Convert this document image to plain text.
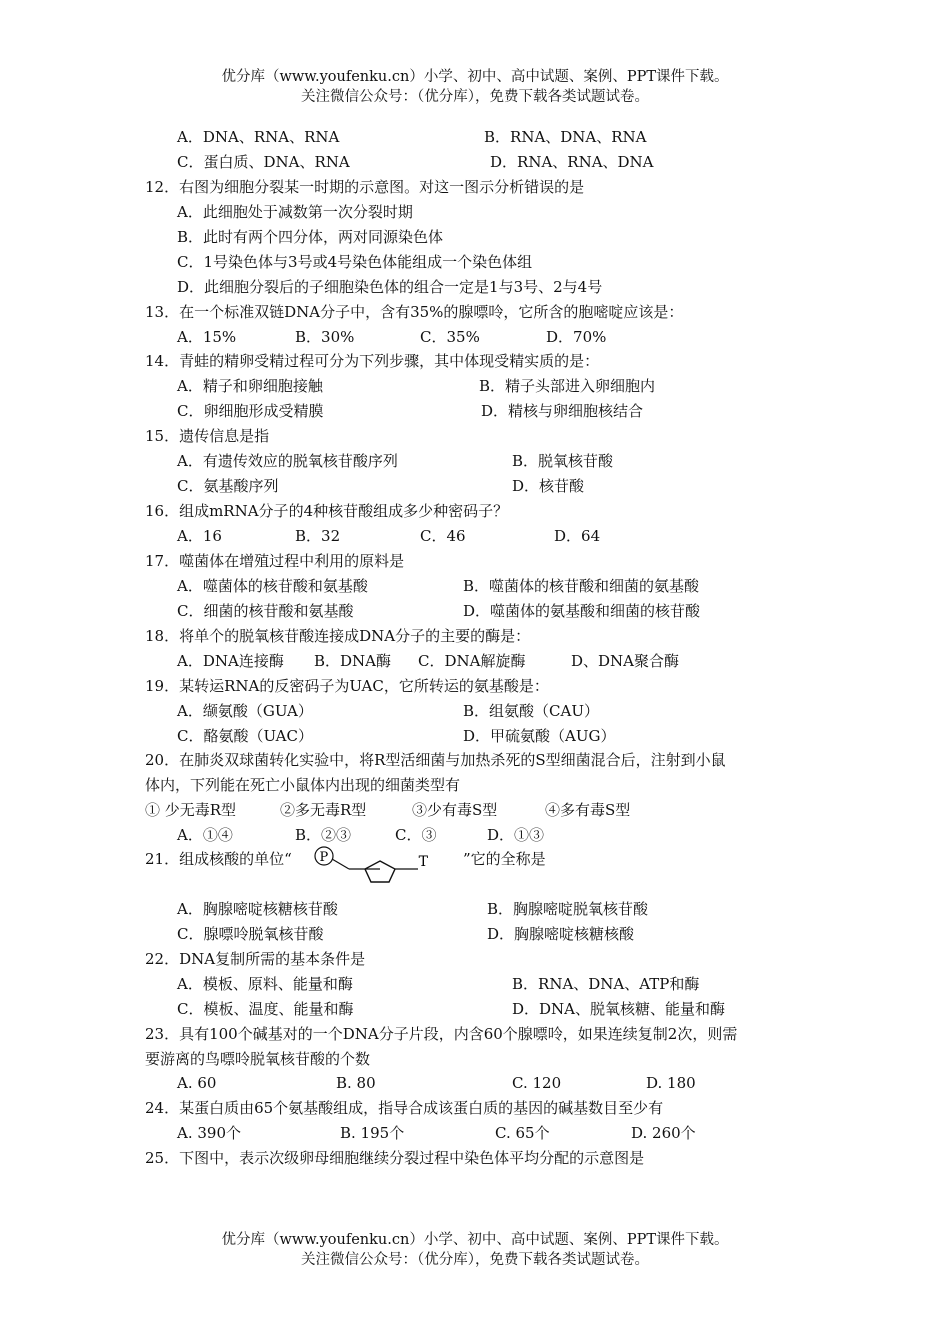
优分库（www.youfenku.cn）小学、初中、高中试题、案例、PPT课件下载。
关注微信公众号：（优分库），免费下载各类试题试卷。
A．DNA、RNA、RNA	B．RNA、DNA、RNA
C．蛋白质、DNA、RNA	D．RNA、RNA、DNA
12．右图为细胞分裂某一时期的示意图。对这一图示分析错误的是
A．此细胞处于减数第一次分裂时期
B．此时有两个四分体，两对同源染色体
C．1号染色体与3号或4号染色体能组成一个染色体组
D．此细胞分裂后的子细胞染色体的组合一定是1与3号、2与4号
13．在一个标准双链DNA分子中，含有35%的腺嘌呤，它所含的胞嘧啶应该是：
A．15%	B．30%	C．35%	D．70%
14．青蛙的精卵受精过程可分为下列步骤，其中体现受精实质的是：
A．精子和卵细胞接触	B．精子头部进入卵细胞内
C．卵细胞形成受精膜	D．精核与卵细胞核结合
15．遗传信息是指
A．有遗传效应的脱氧核苷酸序列	B．脱氧核苷酸
C．氨基酸序列	D．核苷酸
16．组成mRNA分子的4种核苷酸组成多少种密码子？
A．16	B．32	C．46	D．64
17．噬菌体在增殖过程中利用的原料是
A．噬菌体的核苷酸和氨基酸	B．噬菌体的核苷酸和细菌的氨基酸
C．细菌的核苷酸和氨基酸	D．噬菌体的氨基酸和细菌的核苷酸
18．将单个的脱氧核苷酸连接成DNA分子的主要的酶是：
A．DNA连接酶 B．DNA酶 C．DNA解旋酶	D、DNA聚合酶
19．某转运RNA的反密码子为UAC，它所转运的氨基酸是：
A．缬氨酸（GUA）	B．组氨酸（CAU）
C．酪氨酸（UAC）	D．甲硫氨酸（AUG）
20．在肺炎双球菌转化实验中，将R型活细菌与加热杀死的S型细菌混合后，注射到小鼠
体内，下列能在死亡小鼠体内出现的细菌类型有
① 少无毒R型	②多无毒R型	③少有毒S型	④多有毒S型
A．①④	B．②③	C．③	D．①③
21．组成核酸的单位“ P	T ”它的全称是
A．胸腺嘧啶核糖核苷酸	B．胸腺嘧啶脱氧核苷酸
C．腺嘌呤脱氧核苷酸	D．胸腺嘧啶核糖核酸
22．DNA复制所需的基本条件是
A．模板、原料、能量和酶	B．RNA、DNA、ATP和酶
C．模板、温度、能量和酶	D．DNA、脱氧核糖、能量和酶
23．具有100个碱基对的一个DNA分子片段，内含60个腺嘌呤，如果连续复制2次，则需
要游离的鸟嘌呤脱氧核苷酸的个数
A. 60	B. 80	C. 120	D. 180
24．某蛋白质由65个氨基酸组成，指导合成该蛋白质的基因的碱基数目至少有
A. 390个	B. 195个	C. 65个	D. 260个
25．下图中，表示次级卵母细胞继续分裂过程中染色体平均分配的示意图是
优分库（www.youfenku.cn）小学、初中、高中试题、案例、PPT课件下载。
关注微信公众号：（优分库），免费下载各类试题试卷。
